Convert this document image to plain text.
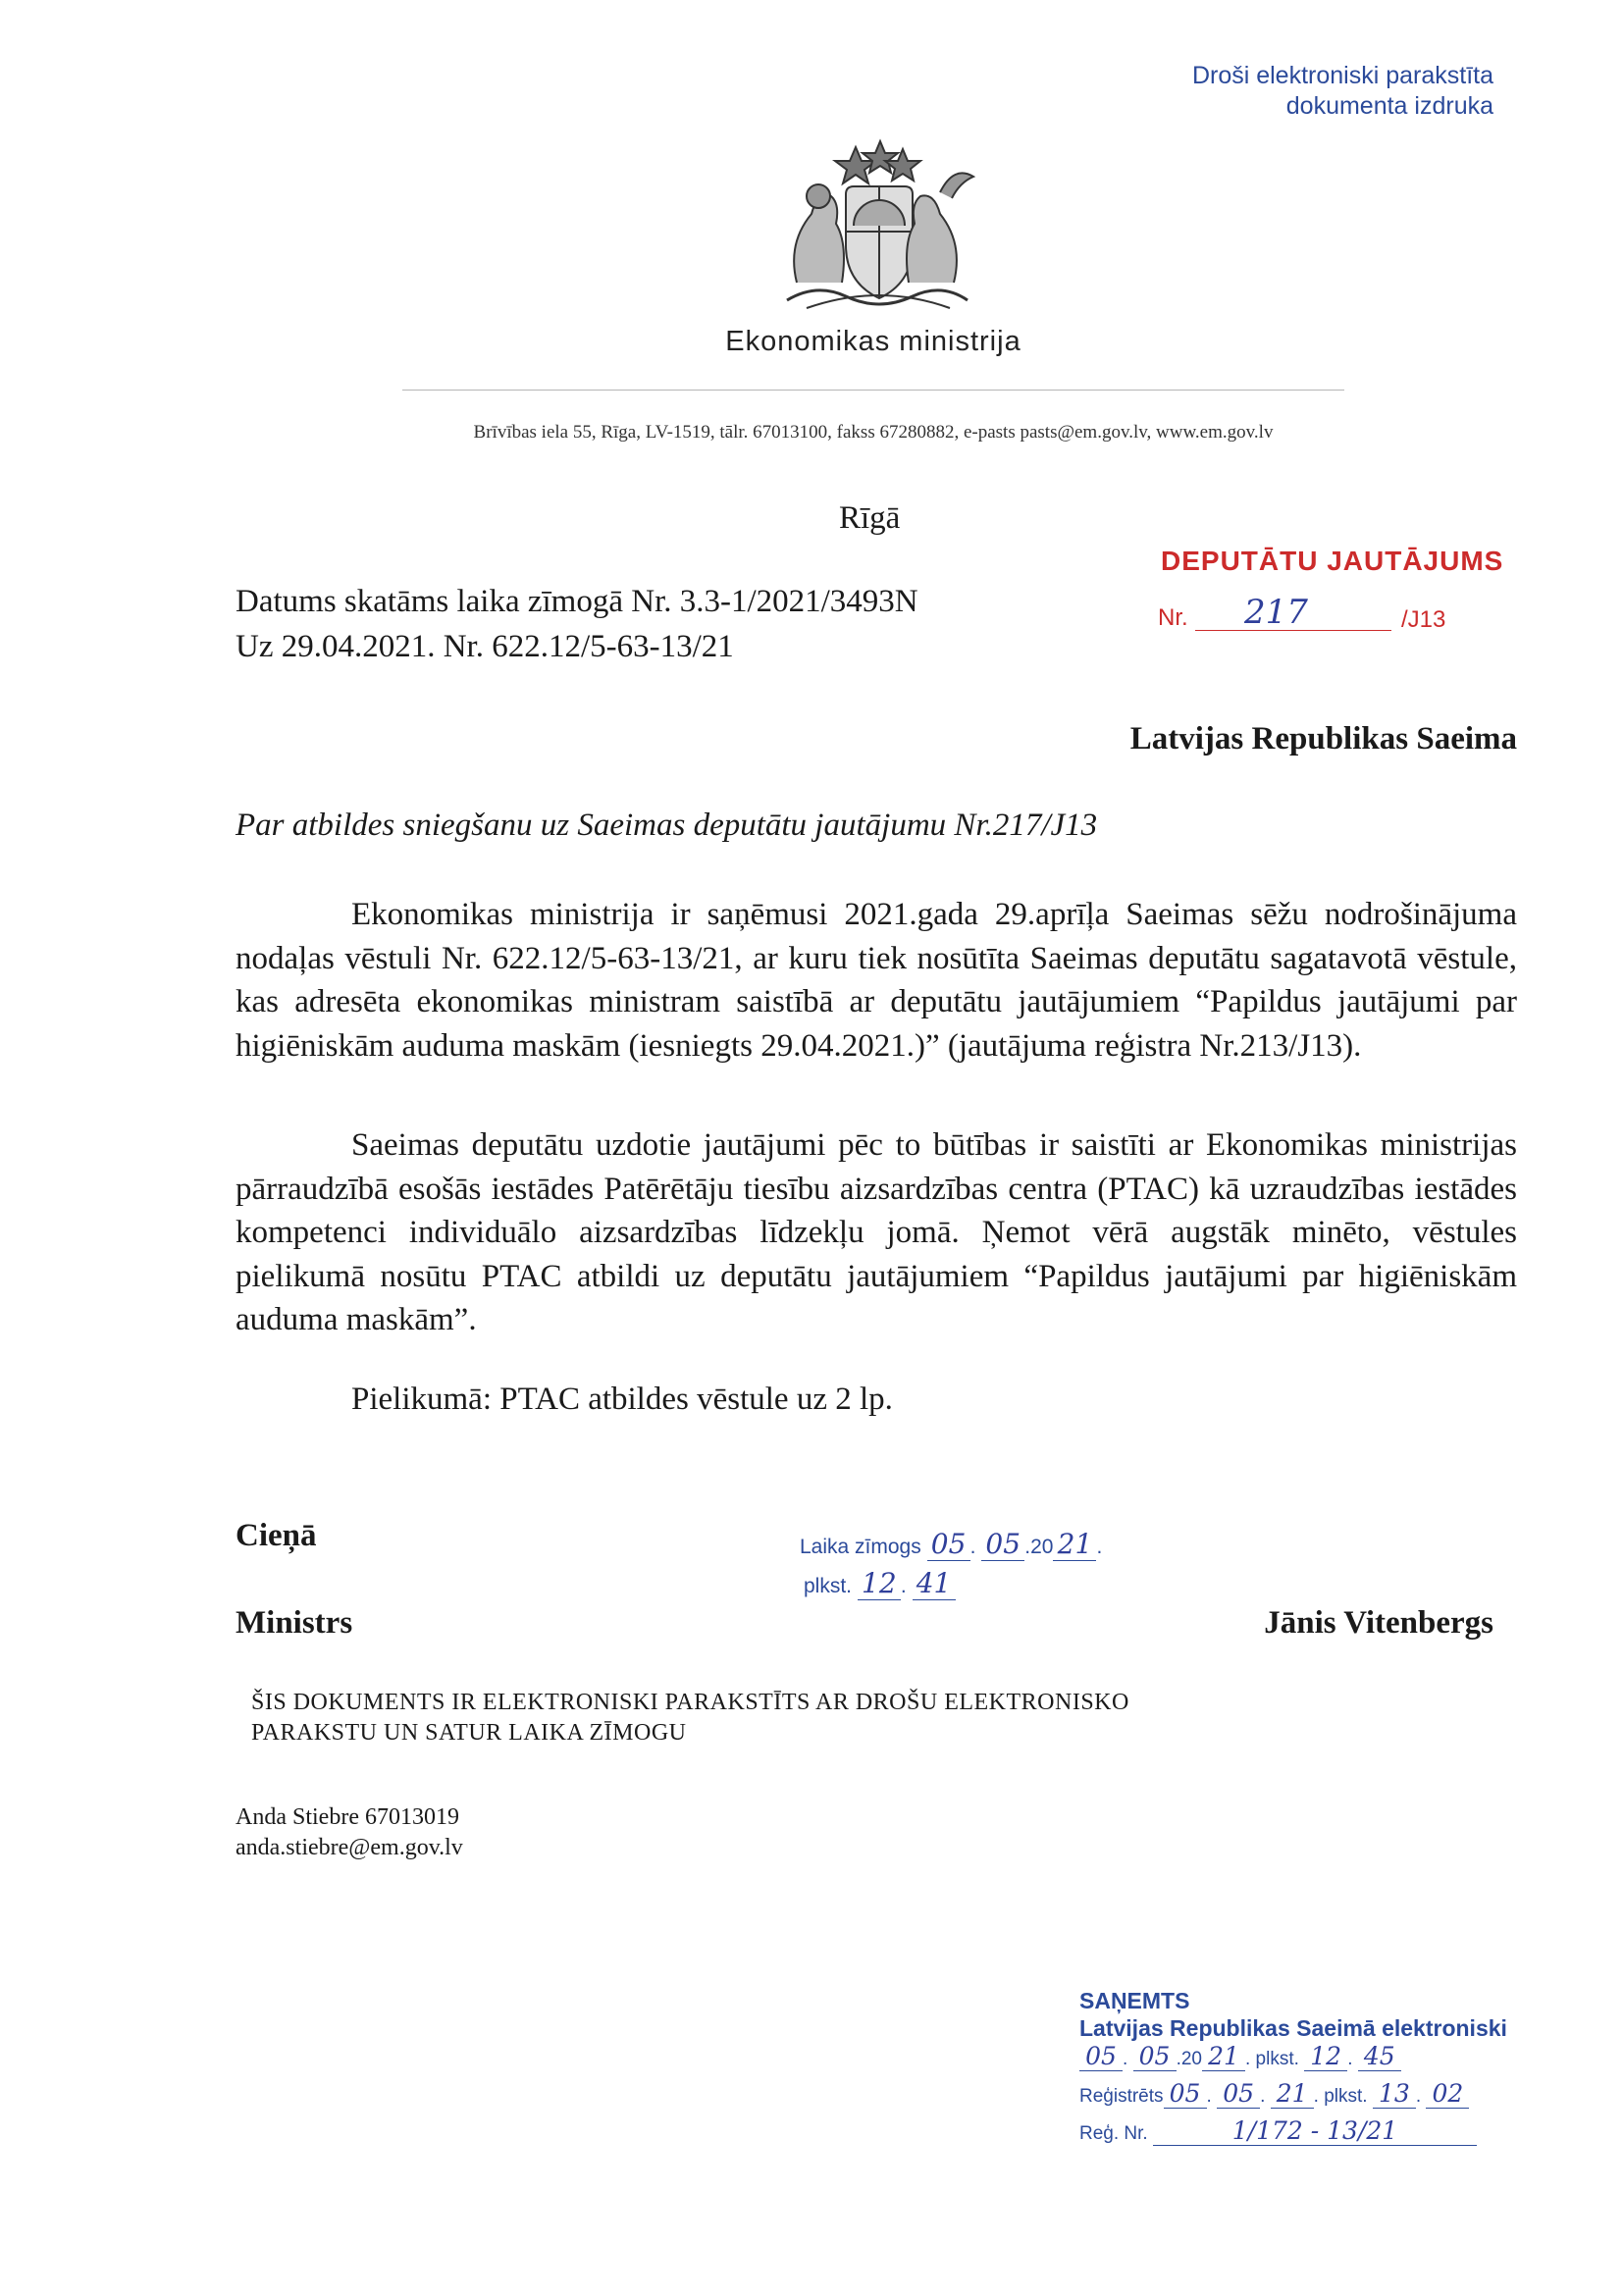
Droši elektroniski parakstīta
dokumenta izdruka
Ekonomikas ministrija
Brīvības iela 55, Rīga, LV-1519, tālr. 67013100, fakss 67280882, e-pasts pasts@em.gov.lv, www.em.gov.lv
Rīgā
Datums skatāms laika zīmogā Nr. 3.3-1/2021/3493N
Uz 29.04.2021. Nr. 622.12/5-63-13/21
DEPUTĀTU JAUTĀJUMS
Nr. 217	/J13
Latvijas Republikas Saeima
Par atbildes sniegšanu uz Saeimas deputātu jautājumu Nr.217/J13
Ekonomikas ministrija ir saņēmusi 2021.gada 29.aprīļa Saeimas sēžu nodrošinājuma nodaļas vēstuli Nr. 622.12/5-63-13/21, ar kuru tiek nosūtīta Saeimas deputātu sagatavotā vēstule, kas adresēta ekonomikas ministram saistībā ar deputātu jautājumiem “Papildus jautājumi par higiēniskām auduma maskām (iesniegts 29.04.2021.)” (jautājuma reģistra Nr.213/J13).
Saeimas deputātu uzdotie jautājumi pēc to būtības ir saistīti ar Ekonomikas ministrijas pārraudzībā esošās iestādes Patērētāju tiesību aizsardzības centra (PTAC) kā uzraudzības iestādes kompetenci individuālo aizsardzības līdzekļu jomā. Ņemot vērā augstāk minēto, vēstules pielikumā nosūtu PTAC atbildi uz deputātu jautājumiem “Papildus jautājumi par higiēniskām auduma maskām”.
Pielikumā: PTAC atbildes vēstule uz 2 lp.
Cieņā
Ministrs	Jānis Vitenbergs
Laika zīmogs 05 . 05 .20 21 .
plkst. 12 . 41
ŠIS DOKUMENTS IR ELEKTRONISKI PARAKSTĪTS AR DROŠU ELEKTRONISKO
PARAKSTU UN SATUR LAIKA ZĪMOGU
Anda Stiebre 67013019
anda.stiebre@em.gov.lv
SAŅEMTS
Latvijas Republikas Saeimā elektroniski
05 . 05 .20 21 . plkst. 12 . 45
Reģistrēts 05 . 05 . 21 . plkst. 13 . 02
Reģ. Nr.	1/172 - 13/21
